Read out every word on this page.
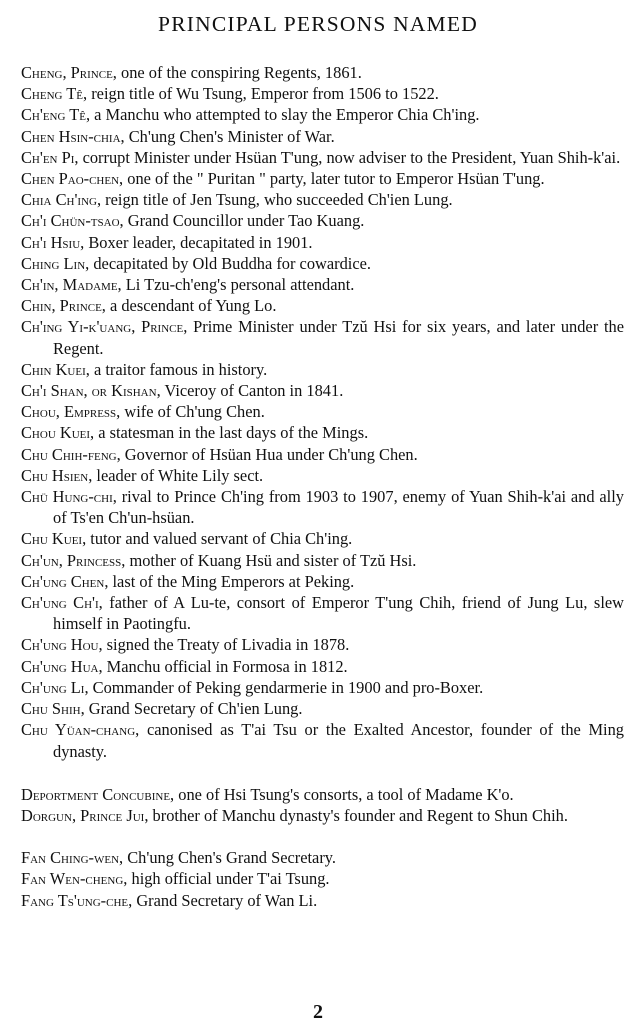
PRINCIPAL PERSONS NAMED

Cheng, Prince, one of the conspiring Regents, 1861.

Cheng Tê, reign title of Wu Tsung, Emperor from 1506 to 1522.

Ch'eng Tê, a Manchu who attempted to slay the Emperor Chia Ch'ing.

Chen Hsin-chia, Ch'ung Chen's Minister of War.

Ch'en Pi, corrupt Minister under Hsüan T'ung, now adviser to the President, Yuan Shih-k'ai.

Chen Pao-chen, one of the " Puritan " party, later tutor to Emperor Hsüan T'ung.

Chia Ch'ing, reign title of Jen Tsung, who succeeded Ch'ien Lung.

Ch'i Chün-tsao, Grand Councillor under Tao Kuang.

Ch'i Hsiu, Boxer leader, decapitated in 1901.

Ching Lin, decapitated by Old Buddha for cowardice.

Ch'in, Madame, Li Tzu-ch'eng's personal attendant.

Chin, Prince, a descendant of Yung Lo.

Ch'ing Yi-k'uang, Prince, Prime Minister under Tzŭ Hsi for six years, and later under the Regent.

Chin Kuei, a traitor famous in history.

Ch'i Shan, or Kishan, Viceroy of Canton in 1841.

Chou, Empress, wife of Ch'ung Chen.

Chou Kuei, a statesman in the last days of the Mings.

Chu Chih-feng, Governor of Hsüan Hua under Ch'ung Chen.

Chu Hsien, leader of White Lily sect.

Chü Hung-chi, rival to Prince Ch'ing from 1903 to 1907, enemy of Yuan Shih-k'ai and ally of Ts'en Ch'un-hsüan.

Chu Kuei, tutor and valued servant of Chia Ch'ing.

Ch'un, Princess, mother of Kuang Hsü and sister of Tzŭ Hsi.

Ch'ung Chen, last of the Ming Emperors at Peking.

Ch'ung Ch'i, father of A Lu-te, consort of Emperor T'ung Chih, friend of Jung Lu, slew himself in Paotingfu.

Ch'ung Hou, signed the Treaty of Livadia in 1878.

Ch'ung Hua, Manchu official in Formosa in 1812.

Ch'ung Li, Commander of Peking gendarmerie in 1900 and pro-Boxer.

Chu Shih, Grand Secretary of Ch'ien Lung.

Chu Yüan-chang, canonised as T'ai Tsu or the Exalted Ancestor, founder of the Ming dynasty.

Deportment Concubine, one of Hsi Tsung's consorts, a tool of Madame K'o.

Dorgun, Prince Jui, brother of Manchu dynasty's founder and Regent to Shun Chih.

Fan Ching-wen, Ch'ung Chen's Grand Secretary.

Fan Wen-cheng, high official under T'ai Tsung.

Fang Ts'ung-che, Grand Secretary of Wan Li.

2
